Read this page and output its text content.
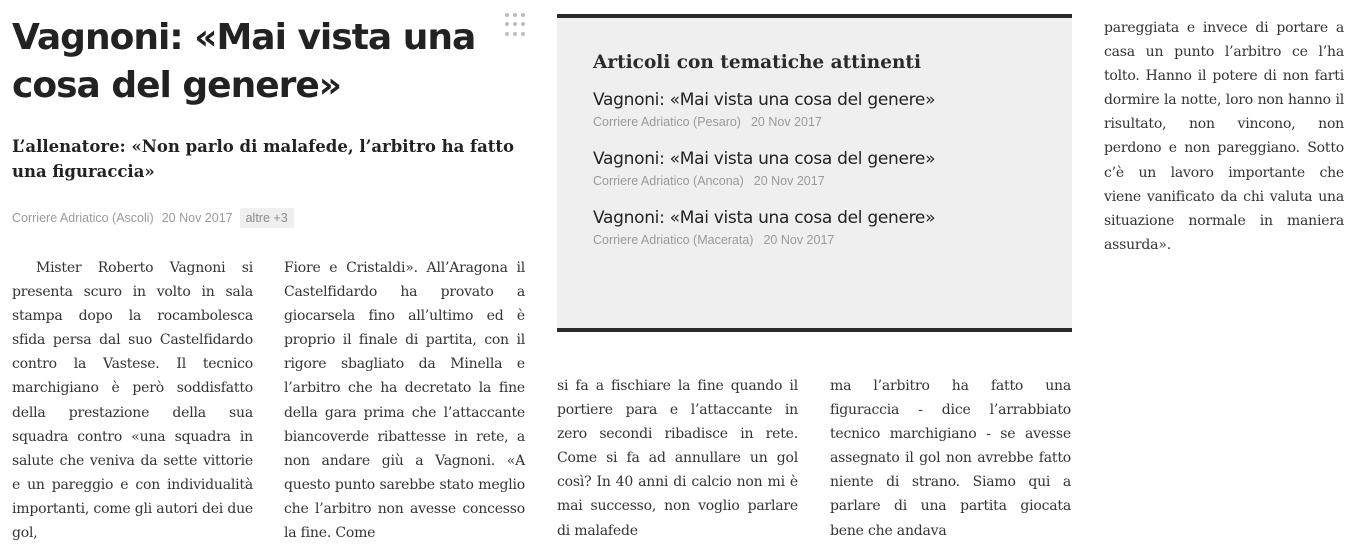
Vagnoni: «Mai vista una cosa del genere»
L’allenatore: «Non parlo di malafede, l’arbitro ha fatto una figuraccia»
Corriere Adriatico (Ascoli) 20 Nov 2017	altre +3

Mister Roberto Vagnoni si presenta scuro in volto in sala stampa dopo la rocambolesca sfida persa dal suo Castelfidardo contro la Vastese. Il tecnico marchigiano è però soddisfatto della prestazione della sua squadra contro «una squadra in salute che veniva da sette vittorie e un pareggio e con individualità importanti, come gli autori dei due gol,

Fiore e Cristaldi». All’Aragona il Castelfidardo ha provato a giocarsela fino all’ultimo ed è proprio il finale di partita, con il rigore sbagliato da Minella e l’arbitro che ha decretato la fine della gara prima che l’attaccante biancoverde ribattesse in rete, a non andare giù a Vagnoni. «A questo punto sarebbe stato meglio che l’arbitro non avesse concesso la fine. Come

Articoli con tematiche attinenti
Vagnoni: «Mai vista una cosa del genere»
Corriere Adriatico (Pesaro) 20 Nov 2017
Vagnoni: «Mai vista una cosa del genere»
Corriere Adriatico (Ancona) 20 Nov 2017
Vagnoni: «Mai vista una cosa del genere»
Corriere Adriatico (Macerata) 20 Nov 2017

si fa a fischiare la fine quando il portiere para e l’attaccante in zero secondi ribadisce in rete. Come si fa ad annullare un gol così? In 40 anni di calcio non mi è mai successo, non voglio parlare di malafede

ma l’arbitro ha fatto una figuraccia - dice l’arrabbiato tecnico marchigiano - se avesse assegnato il gol non avrebbe fatto niente di strano. Siamo qui a parlare di una partita giocata bene che andava

pareggiata e invece di portare a casa un punto l’arbitro ce l’ha tolto. Hanno il potere di non farti dormire la notte, loro non hanno il risultato, non vincono, non perdono e non pareggiano. Sotto c’è un lavoro importante che viene vanificato da chi valuta una situazione normale in maniera assurda».
